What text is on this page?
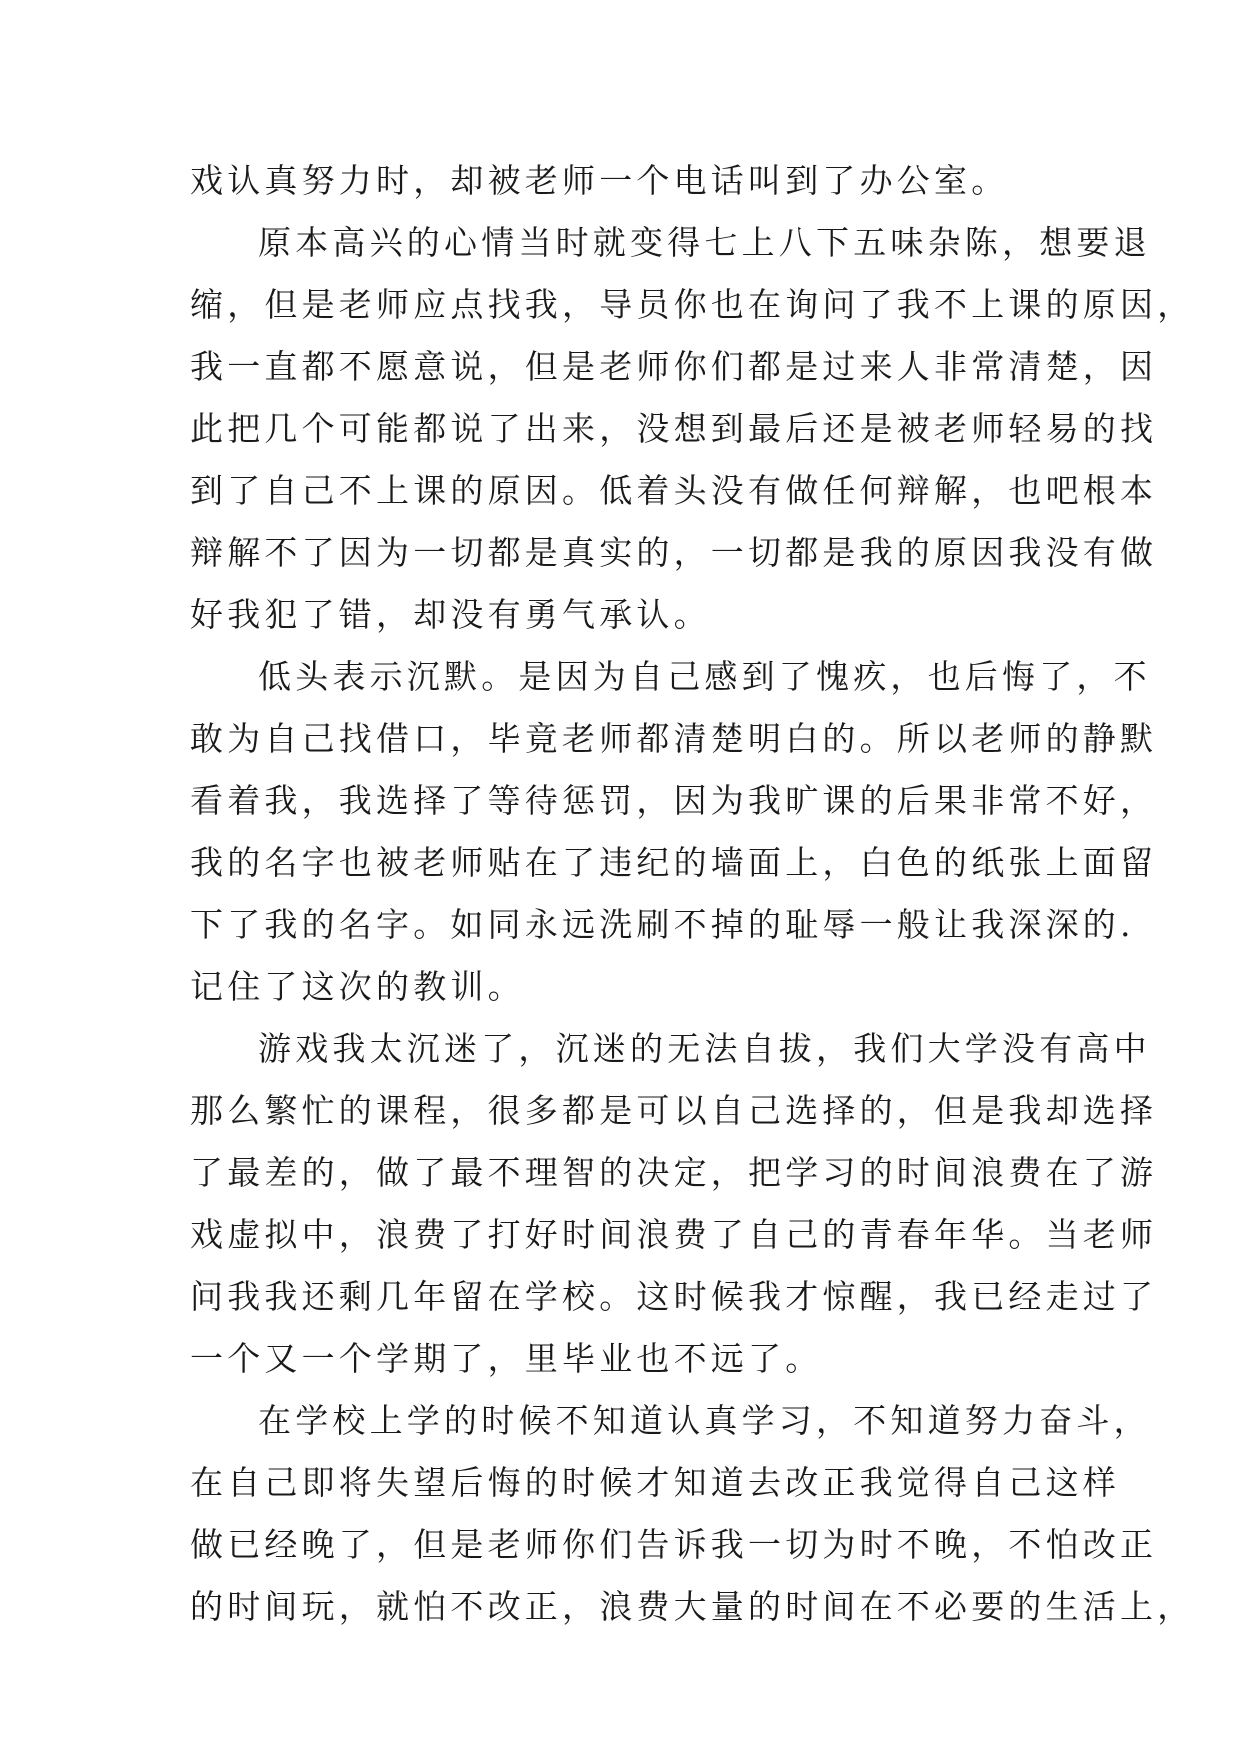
戏认真努力时，却被老师一个电话叫到了办公室。
原本高兴的心情当时就变得七上八下五味杂陈，想要退
缩，但是老师应点找我，导员你也在询问了我不上课的原因，
我一直都不愿意说，但是老师你们都是过来人非常清楚，因
此把几个可能都说了出来，没想到最后还是被老师轻易的找
到了自己不上课的原因。低着头没有做任何辩解，也吧根本
辩解不了因为一切都是真实的，一切都是我的原因我没有做
好我犯了错，却没有勇气承认。
低头表示沉默。是因为自己感到了愧疚，也后悔了，不
敢为自己找借口，毕竟老师都清楚明白的。所以老师的静默
看着我，我选择了等待惩罚，因为我旷课的后果非常不好，
我的名字也被老师贴在了违纪的墙面上，白色的纸张上面留
下了我的名字。如同永远洗刷不掉的耻辱一般让我深深的.
记住了这次的教训。
游戏我太沉迷了，沉迷的无法自拔，我们大学没有高中
那么繁忙的课程，很多都是可以自己选择的，但是我却选择
了最差的，做了最不理智的决定，把学习的时间浪费在了游
戏虚拟中，浪费了打好时间浪费了自己的青春年华。当老师
问我我还剩几年留在学校。这时候我才惊醒，我已经走过了
一个又一个学期了，里毕业也不远了。
在学校上学的时候不知道认真学习，不知道努力奋斗，
在自己即将失望后悔的时候才知道去改正我觉得自己这样
做已经晚了，但是老师你们告诉我一切为时不晚，不怕改正
的时间玩，就怕不改正，浪费大量的时间在不必要的生活上，
